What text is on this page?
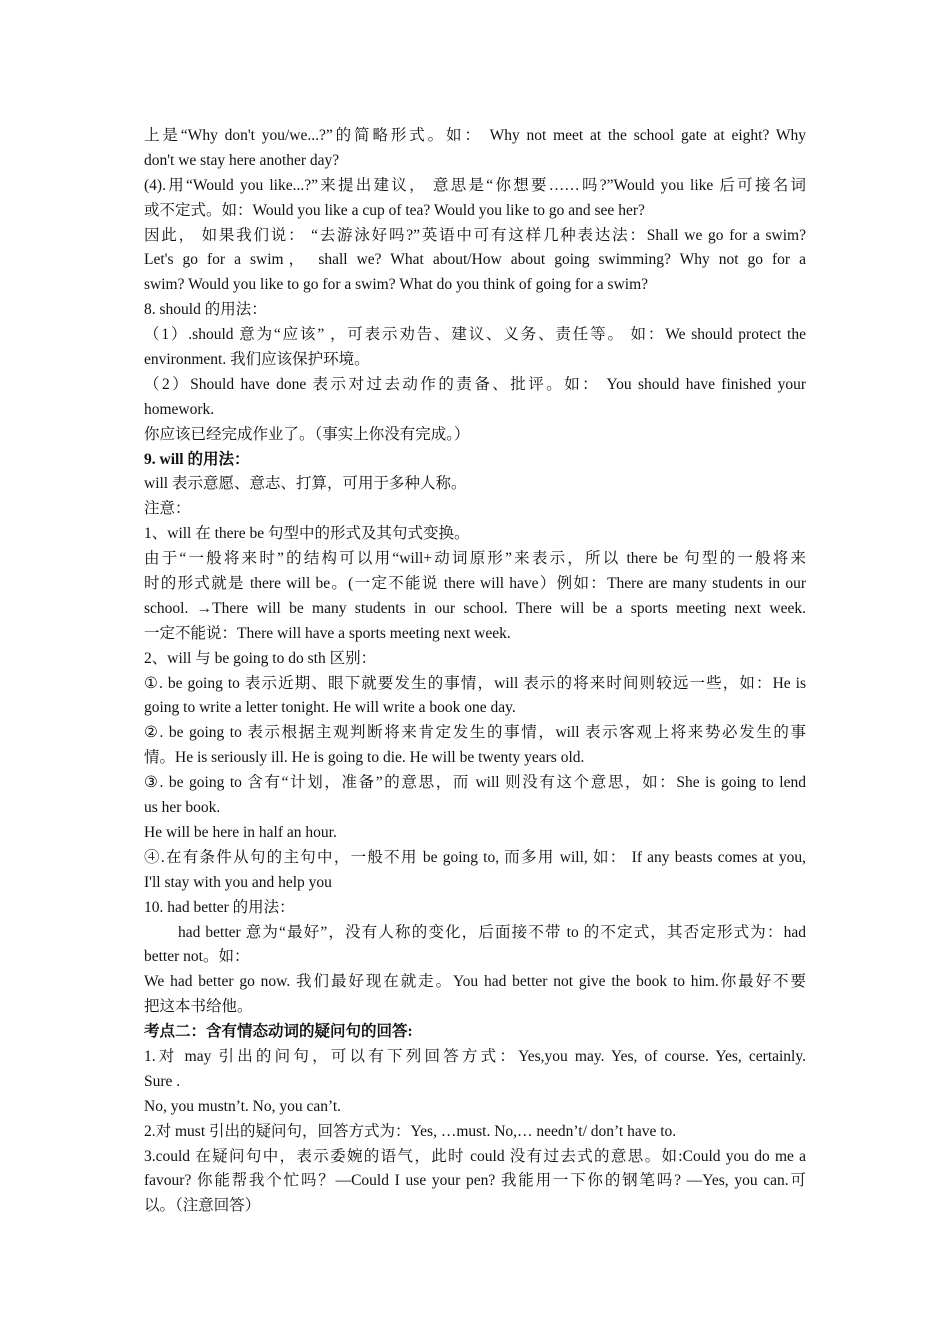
上是“Why don't you/we...?”的简略形式。如： Why not meet at the school gate at eight? Why
don't we stay here another day?
(4).用“Would you like...?”来提出建议， 意思是“你想要……吗?”Would you like 后可接名词
或不定式。如：Would you like a cup of tea? Would you like to go and see her?
因此， 如果我们说： “去游泳好吗?”英语中可有这样几种表达法：Shall we go for a swim?
Let's go for a swim， shall we? What about/How about going swimming? Why not go for a
swim? Would you like to go for a swim? What do you think of going for a swim?
8. should 的用法：
（1）.should 意为“应该” ，可表示劝告、建议、义务、责任等。 如：We should protect the
environment. 我们应该保护环境。
（2）Should have done 表示对过去动作的责备、批评。如： You should have finished your
homework.
你应该已经完成作业了。（事实上你没有完成。）
9. will 的用法：
will 表示意愿、意志、打算，可用于多种人称。
注意：
1、will 在 there be 句型中的形式及其句式变换。
由于“一般将来时”的结构可以用“will+动词原形”来表示，所以 there be 句型的一般将来
时的形式就是 there will be。(一定不能说 there will have）例如：There are many students in our
school. →There will be many students in our school. There will be a sports meeting next week.
一定不能说：There will have a sports meeting next week.
2、will 与 be going to do sth 区别：
①. be going to 表示近期、眼下就要发生的事情，will 表示的将来时间则较远一些，如：He is
going to write a letter tonight. He will write a book one day.
②. be going to 表示根据主观判断将来肯定发生的事情，will 表示客观上将来势必发生的事
情。He is seriously ill. He is going to die. He will be twenty years old.
③. be going to 含有“计划，准备”的意思，而 will 则没有这个意思，如：She is going to lend
us her book.
He will be here in half an hour.
④.在有条件从句的主句中，一般不用 be going to, 而多用 will, 如： If any beasts comes at you,
I'll stay with you and help you
10. had better 的用法：
had better 意为“最好”，没有人称的变化，后面接不带 to 的不定式，其否定形式为：had
better not。如：
We had better go now. 我们最好现在就走。You had better not give the book to him.你最好不要
把这本书给他。
考点二：含有情态动词的疑问句的回答:
1.对 may 引出的问句，可以有下列回答方式：Yes,you may. Yes, of course. Yes, certainly.
Sure .
No, you mustn’t. No, you can’t.
2.对 must 引出的疑问句，回答方式为：Yes, …must. No,… needn’t/ don’t have to.
3.could 在疑问句中，表示委婉的语气，此时 could 没有过去式的意思。如:Could you do me a
favour? 你能帮我个忙吗？—Could I use your pen? 我能用一下你的钢笔吗? —Yes, you can.可
以。（注意回答）
